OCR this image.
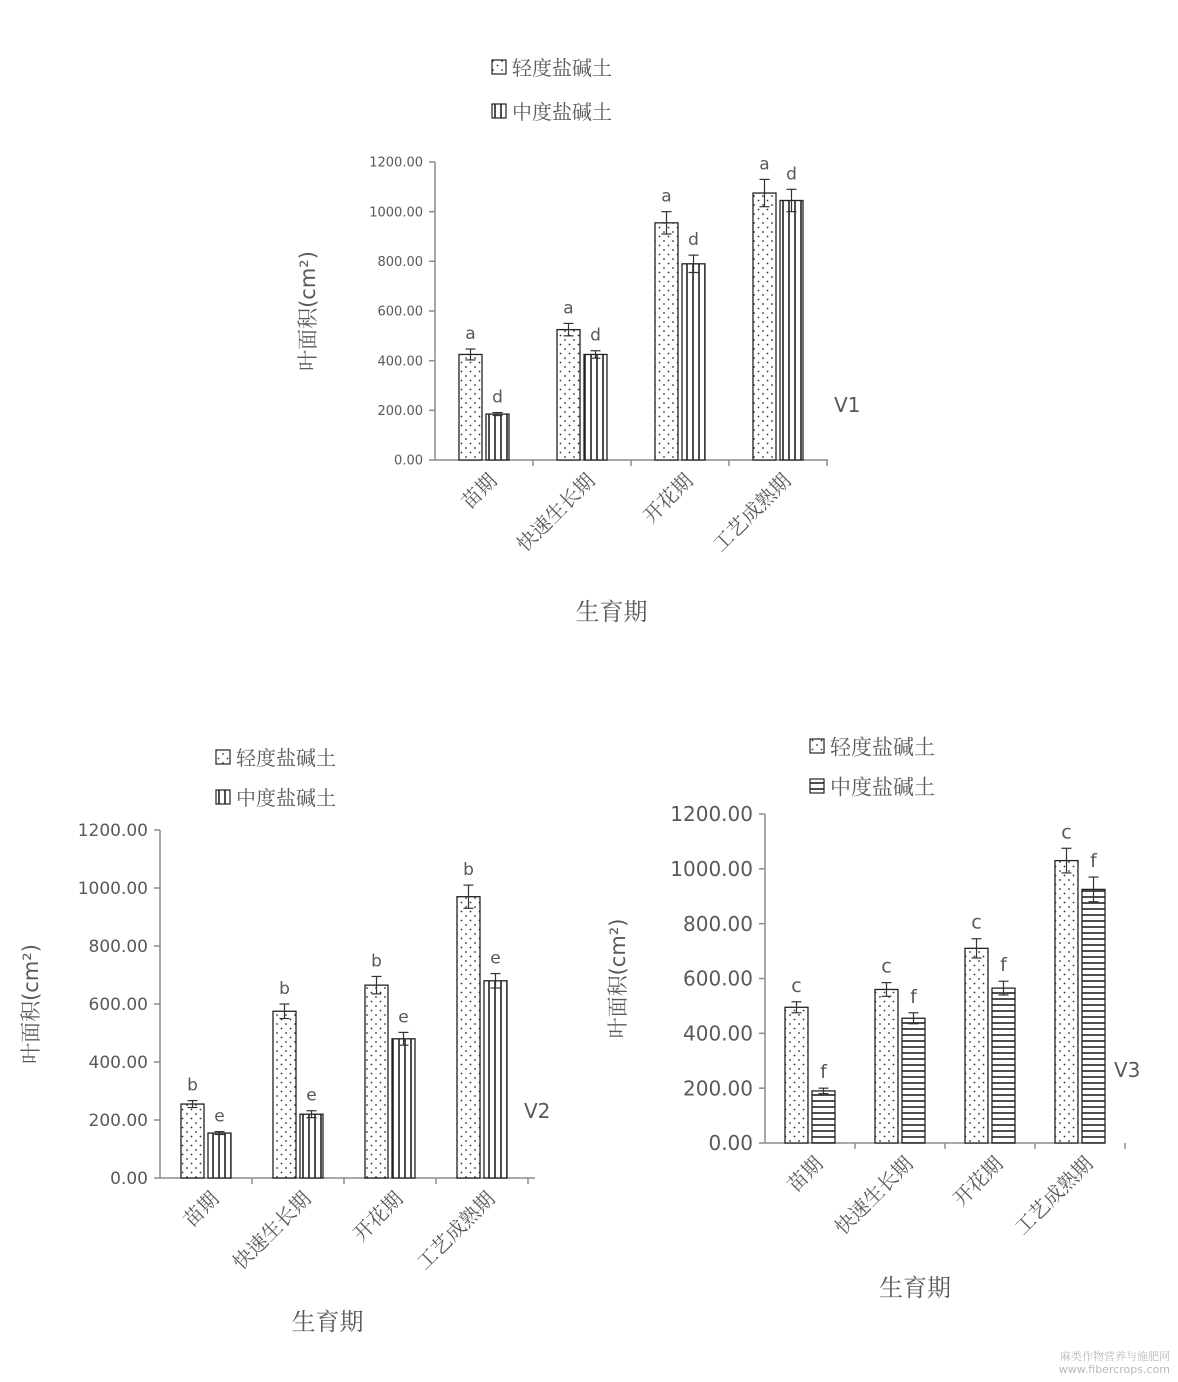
0.00
200.00
400.00
600.00
800.00
1000.00
1200.00
a
a
a
a
d
d
d
d
苗期 快速生长期 开花期 工艺成熟期
生育期
叶面积(cm²)
V1
轻度盐碱土
中度盐碱土
0.00
200.00
400.00
600.00
800.00
1000.00
1200.00
b
b
b
b
e
e
e
e
苗期 快速生长期 开花期 工艺成熟期
生育期
叶面积(cm²)
V2
轻度盐碱土
中度盐碱土
0.00
200.00
400.00
600.00
800.00
1000.00
1200.00
c
c
c
c
f
f
f
f
苗期 快速生长期 开花期 工艺成熟期
生育期
叶面积(cm²)
V3
轻度盐碱土
中度盐碱土
麻类作物营养与施肥网
www.fibercrops.com
